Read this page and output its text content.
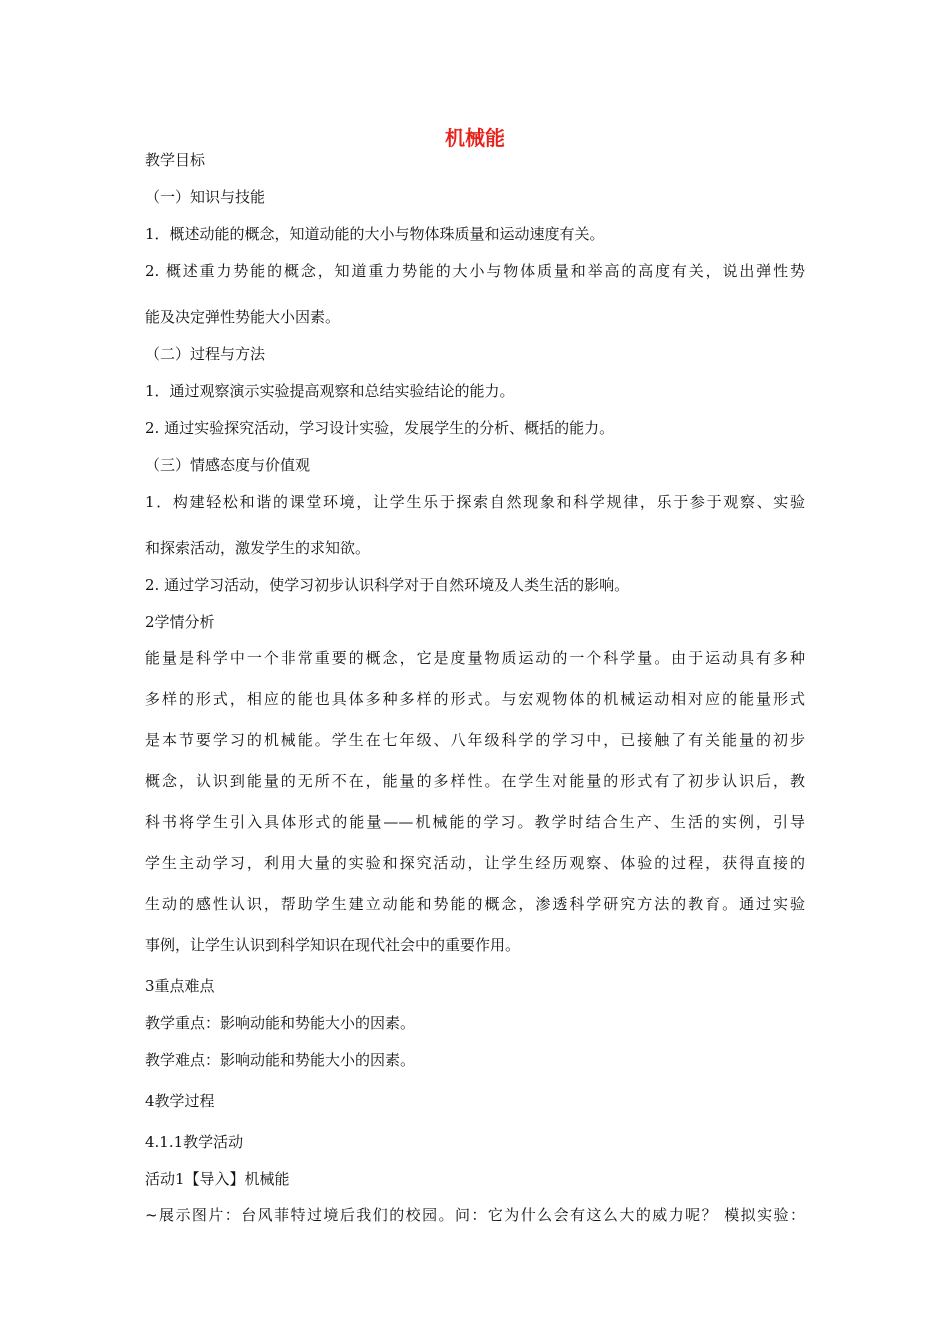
机械能
教学目标
（一）知识与技能
1．概述动能的概念，知道动能的大小与物体珠质量和运动速度有关。
2. 概述重力势能的概念，知道重力势能的大小与物体质量和举高的高度有关，说出弹性势
能及决定弹性势能大小因素。
（二）过程与方法
1．通过观察演示实验提高观察和总结实验结论的能力。
2. 通过实验探究活动，学习设计实验，发展学生的分析、概括的能力。
（三）情感态度与价值观
1．构建轻松和谐的课堂环境，让学生乐于探索自然现象和科学规律，乐于参于观察、实验
和探索活动，激发学生的求知欲。
2. 通过学习活动，使学习初步认识科学对于自然环境及人类生活的影响。
2学情分析
能量是科学中一个非常重要的概念，它是度量物质运动的一个科学量。由于运动具有多种
多样的形式，相应的能也具体多种多样的形式。与宏观物体的机械运动相对应的能量形式
是本节要学习的机械能。学生在七年级、八年级科学的学习中，已接触了有关能量的初步
概念，认识到能量的无所不在，能量的多样性。在学生对能量的形式有了初步认识后，教
科书将学生引入具体形式的能量——机械能的学习。教学时结合生产、生活的实例，引导
学生主动学习，利用大量的实验和探究活动，让学生经历观察、体验的过程，获得直接的
生动的感性认识，帮助学生建立动能和势能的概念，渗透科学研究方法的教育。通过实验
事例，让学生认识到科学知识在现代社会中的重要作用。
3重点难点
教学重点：影响动能和势能大小的因素。
教学难点：影响动能和势能大小的因素。
4教学过程
4.1.1教学活动
活动1【导入】机械能
~展示图片：台风菲特过境后我们的校园。问：它为什么会有这么大的威力呢？ 模拟实验：
